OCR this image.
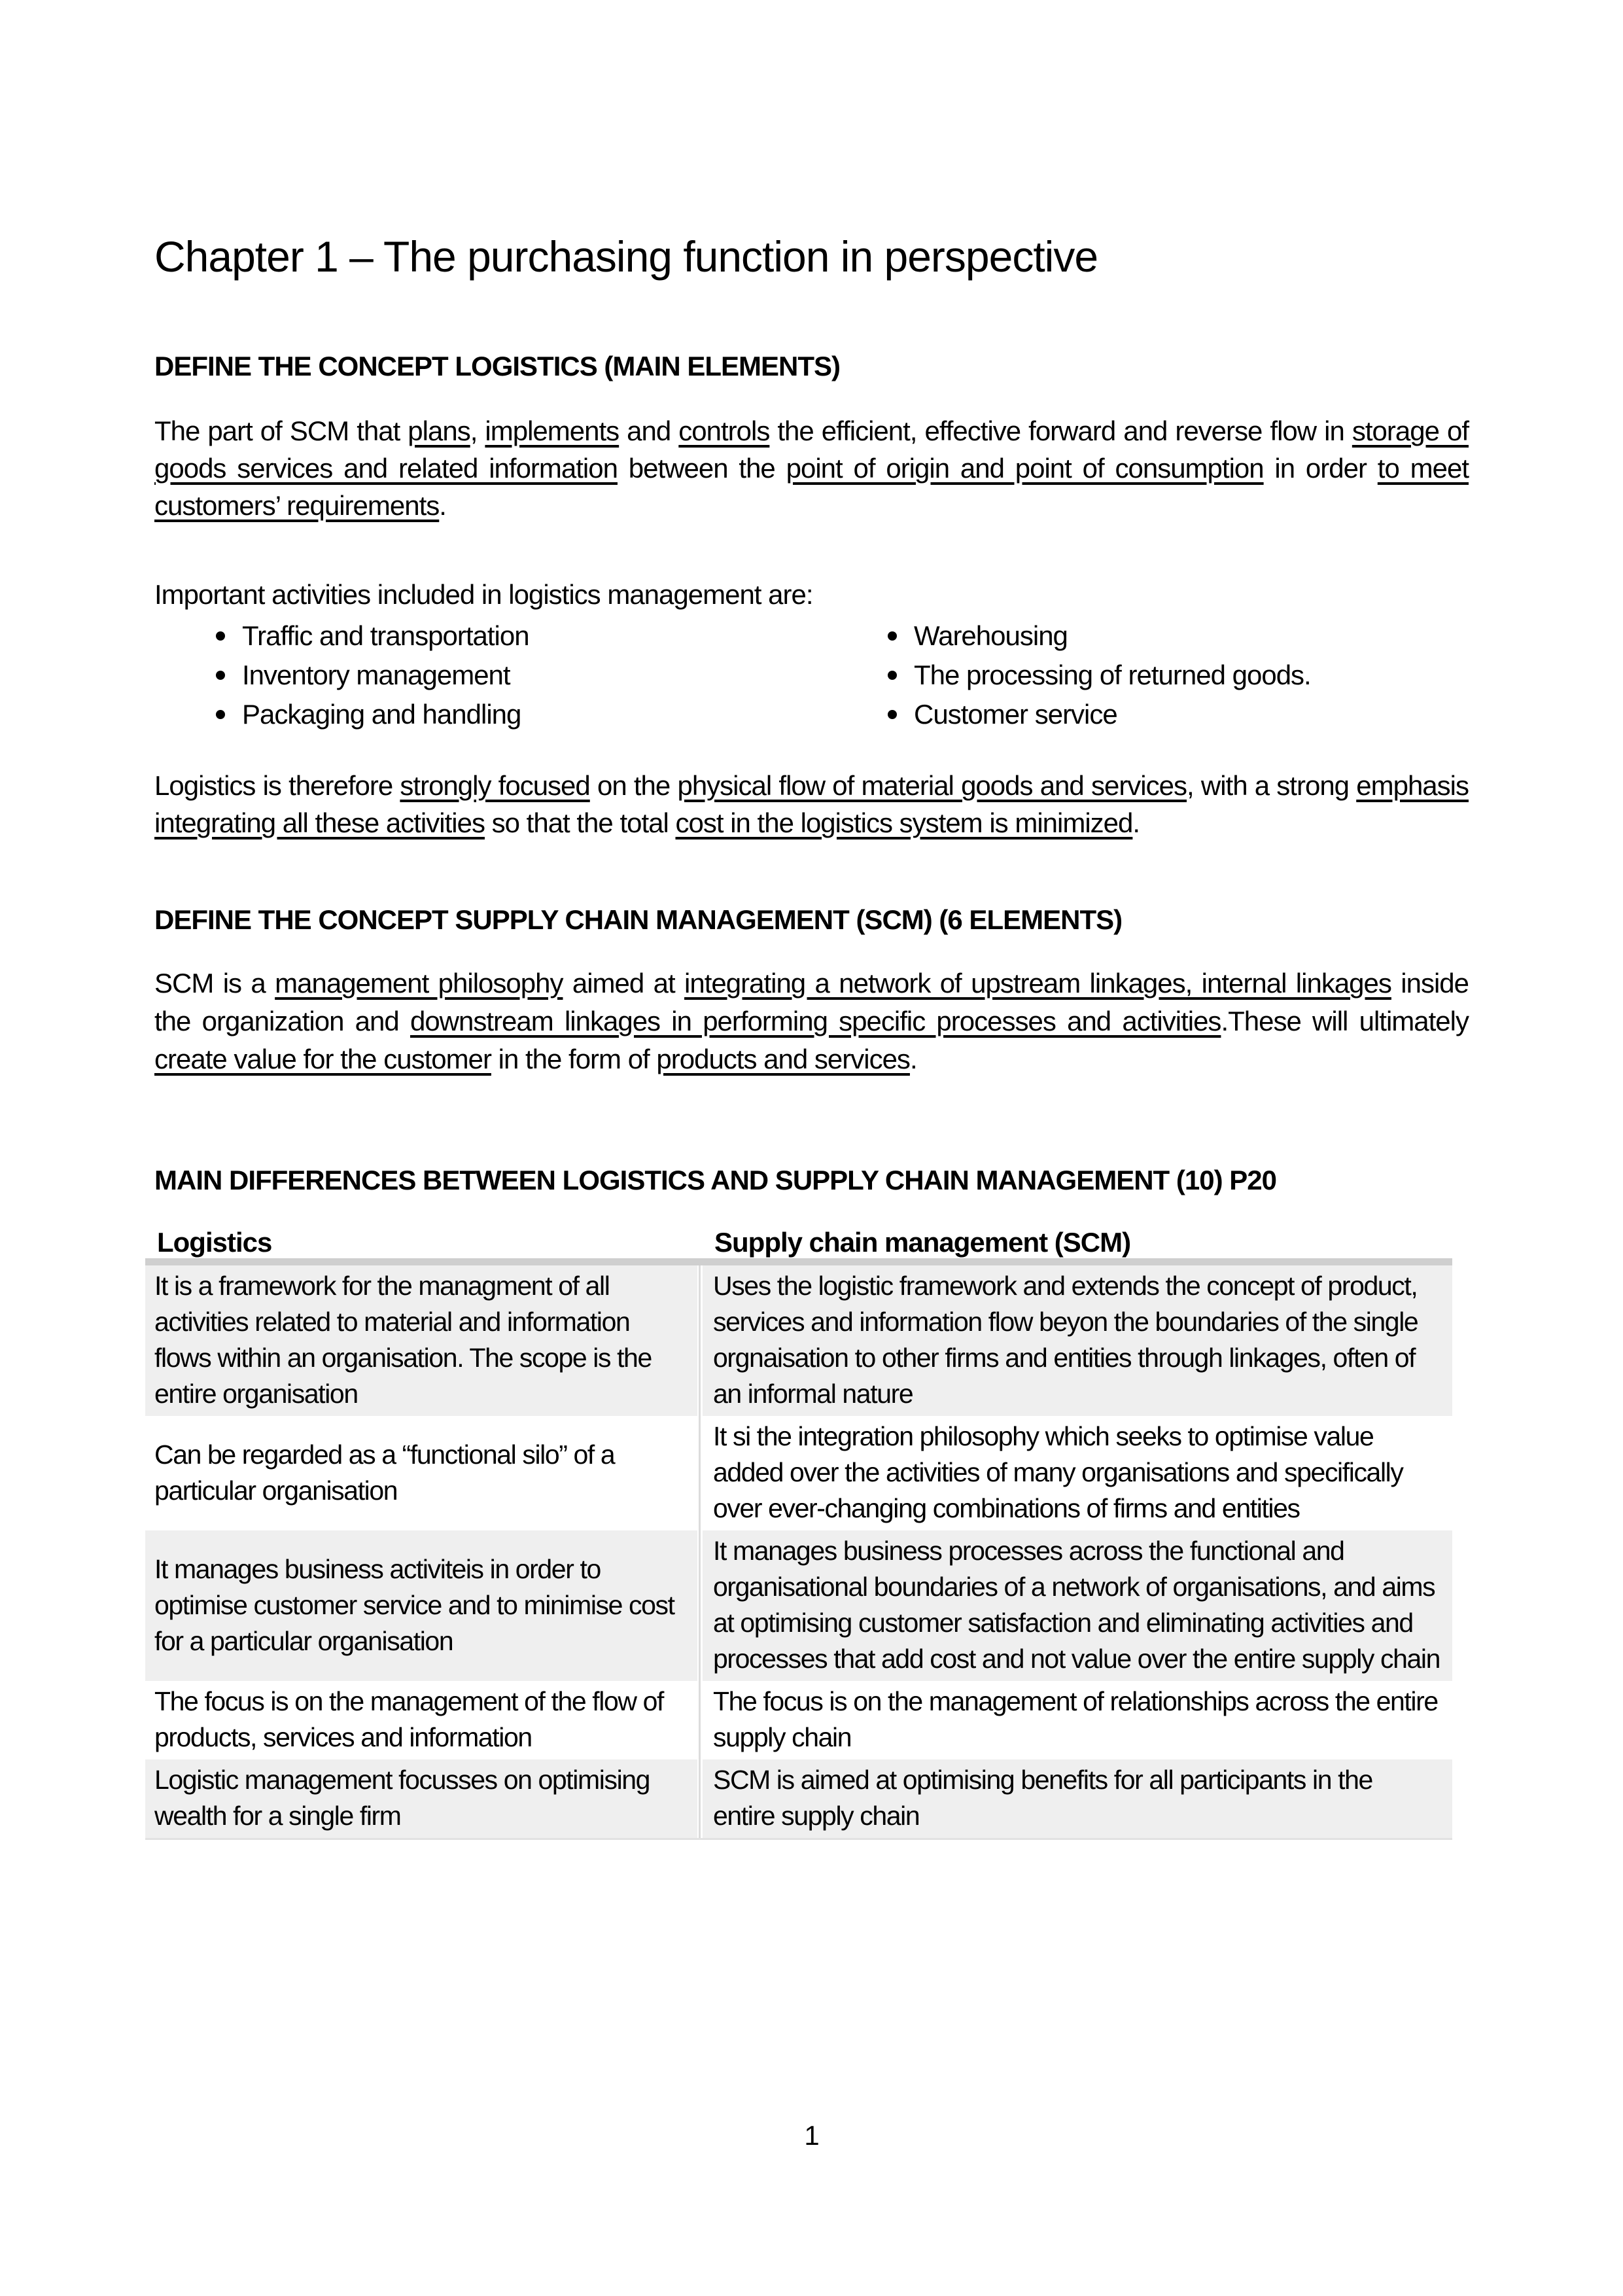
Chapter 1 – The purchasing function in perspective
DEFINE THE CONCEPT LOGISTICS (MAIN ELEMENTS)
The part of SCM that plans, implements and controls the efficient, effective forward and reverse flow in storage of goods services and related information between the point of origin and point of consumption in order to meet customers’ requirements.
Important activities included in logistics management are:
Traffic and transportation
Inventory management
Packaging and handling
Warehousing
The processing of returned goods.
Customer service
Logistics is therefore strongly focused on the physical flow of material goods and services, with a strong emphasis integrating all these activities so that the total cost in the logistics system is minimized.
DEFINE THE CONCEPT SUPPLY CHAIN MANAGEMENT (SCM) (6 ELEMENTS)
SCM is a management philosophy aimed at integrating a network of upstream linkages, internal linkages inside the organization and downstream linkages in performing specific processes and activities.These will ultimately create value for the customer in the form of products and services.
MAIN DIFFERENCES BETWEEN LOGISTICS AND SUPPLY CHAIN MANAGEMENT (10) P20
Logistics	Supply chain management (SCM)
It is a framework for the managment of all activities related to material and information flows within an organisation. The scope is the entire organisation
Uses the logistic framework and extends the concept of product, services and information flow beyon the boundaries of the single orgnaisation to other firms and entities through linkages, often of an informal nature
Can be regarded as a “functional silo” of a particular organisation
It si the integration philosophy which seeks to optimise value added over the activities of many organisations and specifically over ever-changing combinations of firms and entities
It manages business activiteis in order to optimise customer service and to minimise cost for a particular organisation
It manages business processes across the functional and organisational boundaries of a network of organisations, and aims at optimising customer satisfaction and eliminating activities and processes that add cost and not value over the entire supply chain
The focus is on the management of the flow of products, services and information
The focus is on the management of relationships across the entire supply chain
Logistic management focusses on optimising wealth for a single firm
SCM is aimed at optimising benefits for all participants in the entire supply chain
1
